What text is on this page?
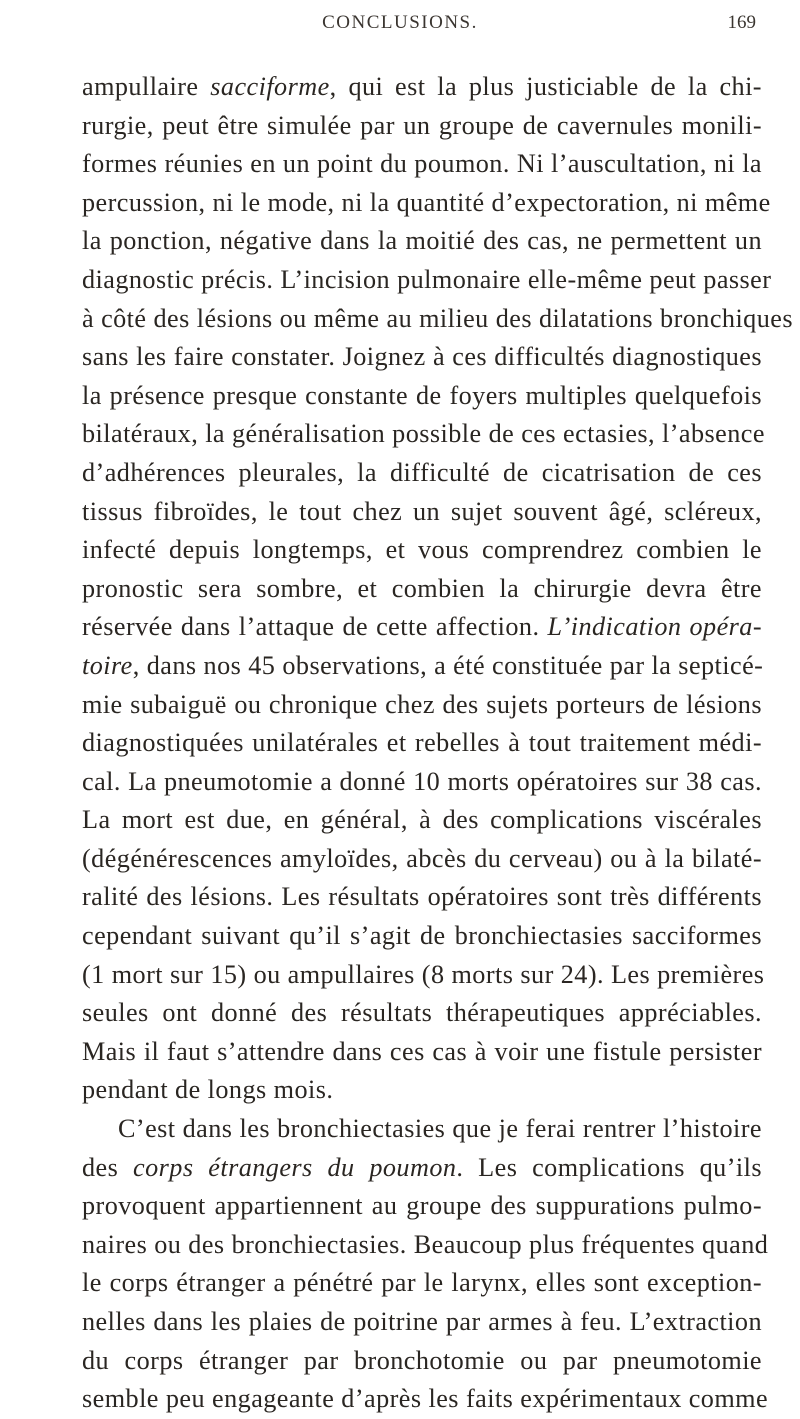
CONCLUSIONS.	169
ampullaire sacciforme, qui est la plus justiciable de la chi-
rurgie, peut être simulée par un groupe de cavernules monili-
formes réunies en un point du poumon. Ni l’auscultation, ni la
percussion, ni le mode, ni la quantité d’expectoration, ni même
la ponction, négative dans la moitié des cas, ne permettent un
diagnostic précis. L’incision pulmonaire elle-même peut passer
à côté des lésions ou même au milieu des dilatations bronchiques
sans les faire constater. Joignez à ces difficultés diagnostiques
la présence presque constante de foyers multiples quelquefois
bilatéraux, la généralisation possible de ces ectasies, l’absence
d’adhérences pleurales, la difficulté de cicatrisation de ces
tissus fibroïdes, le tout chez un sujet souvent âgé, scléreux,
infecté depuis longtemps, et vous comprendrez combien le
pronostic sera sombre, et combien la chirurgie devra être
réservée dans l’attaque de cette affection. L’indication opéra-
toire, dans nos 45 observations, a été constituée par la septicé-
mie subaiguë ou chronique chez des sujets porteurs de lésions
diagnostiquées unilatérales et rebelles à tout traitement médi-
cal. La pneumotomie a donné 10 morts opératoires sur 38 cas.
La mort est due, en général, à des complications viscérales
(dégénérescences amyloïdes, abcès du cerveau) ou à la bilaté-
ralité des lésions. Les résultats opératoires sont très différents
cependant suivant qu’il s’agit de bronchiectasies sacciformes
(1 mort sur 15) ou ampullaires (8 morts sur 24). Les premières
seules ont donné des résultats thérapeutiques appréciables.
Mais il faut s’attendre dans ces cas à voir une fistule persister
pendant de longs mois.
C’est dans les bronchiectasies que je ferai rentrer l’histoire
des corps étrangers du poumon. Les complications qu’ils
provoquent appartiennent au groupe des suppurations pulmo-
naires ou des bronchiectasies. Beaucoup plus fréquentes quand
le corps étranger a pénétré par le larynx, elles sont exception-
nelles dans les plaies de poitrine par armes à feu. L’extraction
du corps étranger par bronchotomie ou par pneumotomie
semble peu engageante d’après les faits expérimentaux comme
